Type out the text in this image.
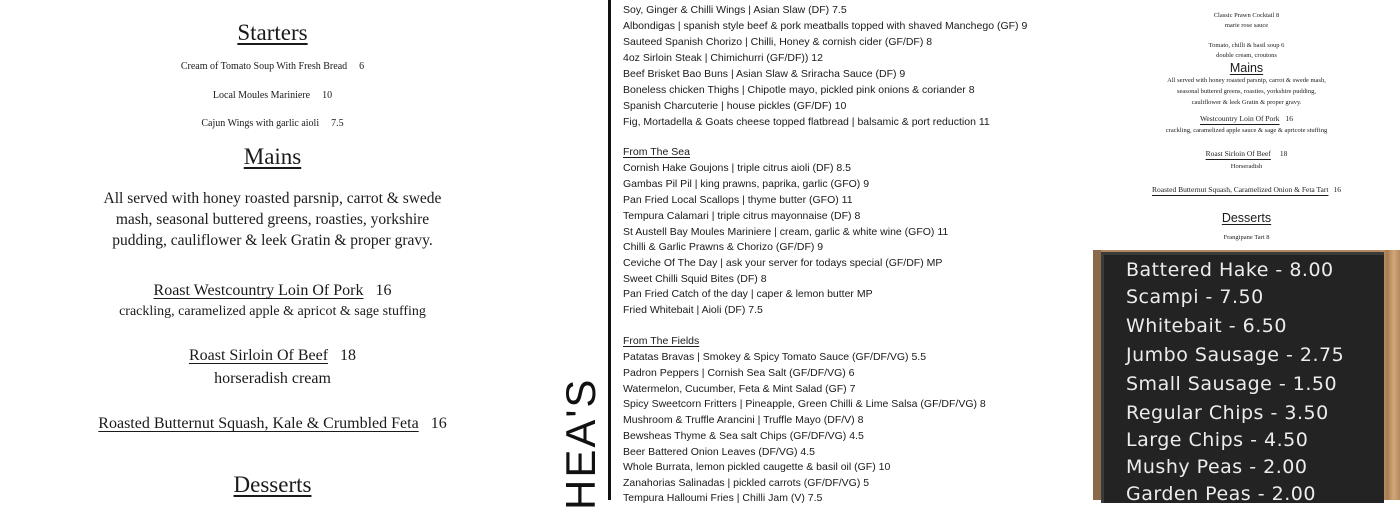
Starters
Cream of Tomato Soup With Fresh Bread 6
Local Moules Mariniere 10
Cajun Wings with garlic aioli 7.5
Mains
All served with honey roasted parsnip, carrot & swede mash, seasonal buttered greens, roasties, yorkshire pudding, cauliflower & leek Gratin & proper gravy.
Roast Westcountry Loin Of Pork 16
crackling, caramelized apple & apricot & sage stuffing
Roast Sirloin Of Beef 18
horseradish cream
Roasted Butternut Squash, Kale & Crumbled Feta 16
Desserts	HEA'S
Soy, Ginger & Chilli Wings | Asian Slaw (DF) 7.5
Albondigas | spanish style beef & pork meatballs topped with shaved Manchego (GF) 9
Sauteed Spanish Chorizo | Chilli, Honey & cornish cider (GF/DF) 8
4oz Sirloin Steak | Chimichurri (GF/DF)) 12
Beef Brisket Bao Buns | Asian Slaw & Sriracha Sauce (DF) 9
Boneless chicken Thighs | Chipotle mayo, pickled pink onions & coriander 8
Spanish Charcuterie | house pickles (GF/DF) 10
Fig, Mortadella & Goats cheese topped flatbread | balsamic & port reduction 11
From The Sea
Cornish Hake Goujons | triple citrus aioli (DF) 8.5
Gambas Pil Pil | king prawns, paprika, garlic (GFO) 9
Pan Fried Local Scallops | thyme butter (GFO) 11
Tempura Calamari | triple citrus mayonnaise (DF) 8
St Austell Bay Moules Mariniere | cream, garlic & white wine (GFO) 11
Chilli & Garlic Prawns & Chorizo (GF/DF) 9
Ceviche Of The Day | ask your server for todays special (GF/DF) MP
Sweet Chilli Squid Bites (DF) 8
Pan Fried Catch of the day | caper & lemon butter MP
Fried Whitebait | Aioli (DF) 7.5
From The Fields
Patatas Bravas | Smokey & Spicy Tomato Sauce (GF/DF/VG) 5.5
Padron Peppers | Cornish Sea Salt (GF/DF/VG) 6
Watermelon, Cucumber, Feta & Mint Salad (GF) 7
Spicy Sweetcorn Fritters | Pineapple, Green Chilli & Lime Salsa (GF/DF/VG) 8
Mushroom & Truffle Arancini | Truffle Mayo (DF/V) 8
Bewsheas Thyme & Sea salt Chips (GF/DF/VG) 4.5
Beer Battered Onion Leaves (DF/VG) 4.5
Whole Burrata, lemon pickled caugette & basil oil (GF) 10
Zanahorias Salinadas | pickled carrots (GF/DF/VG) 5
Tempura Halloumi Fries | Chilli Jam (V) 7.5
Classic Prawn Cocktail 8
marie rose sauce
Tomato, chilli & basil soup 6
double cream, croutons
Mains
All served with honey roasted parsnip, carrot & swede mash,
seasonal buttered greens, roasties, yorkshire pudding,
cauliflower & leek Gratin & proper gravy.
Westcountry Loin Of Pork 16
crackling, caramelized apple sauce & sage & apricote stuffing
Roast Sirloin Of Beef 18
Horseradish
Roasted Butternut Squash, Caramelized Onion & Feta Tart 16
Desserts
Frangipane Tart 8
Battered Hake - 8.00
Scampi - 7.50
Whitebait - 6.50
Jumbo Sausage - 2.75
Small Sausage - 1.50
Regular Chips - 3.50
Large Chips - 4.50
Mushy Peas - 2.00
Garden Peas - 2.00
